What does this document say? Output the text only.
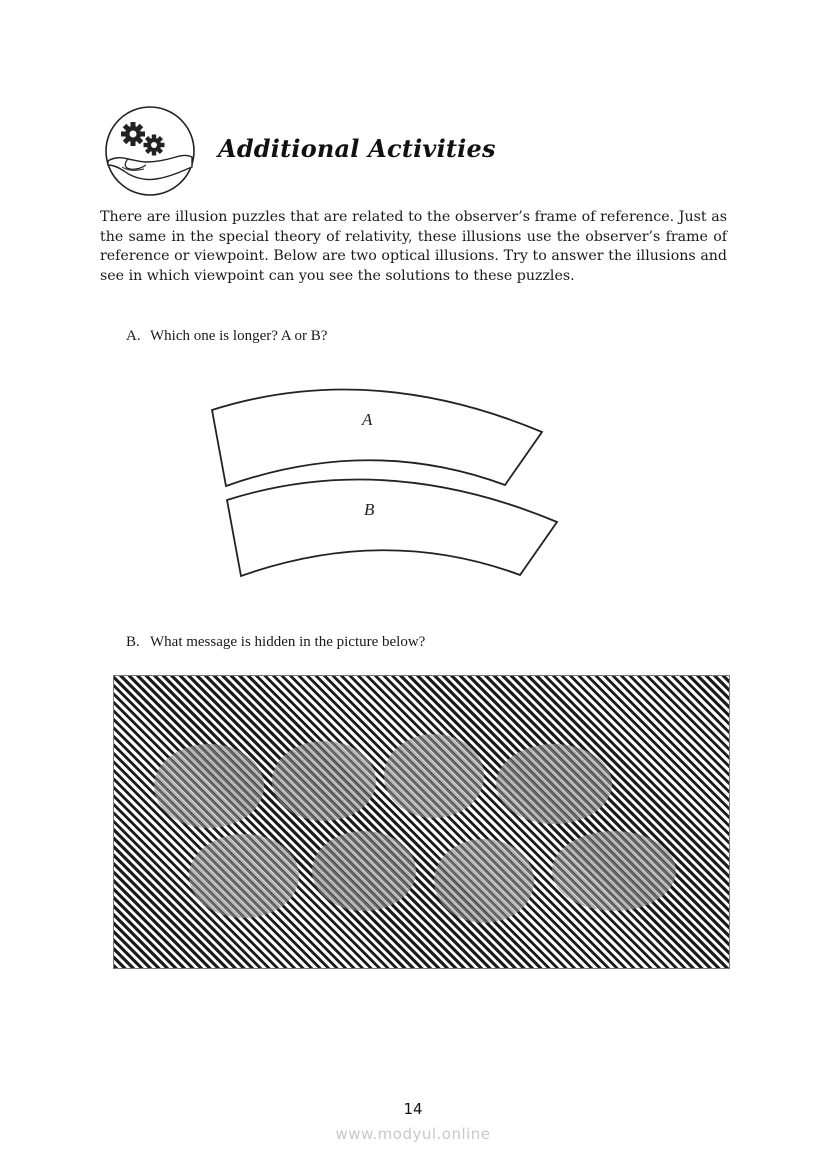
Additional Activities

There are illusion puzzles that are related to the observer’s frame of reference. Just as the same in the special theory of relativity, these illusions use the observer’s frame of reference or viewpoint. Below are two optical illusions. Try to answer the illusions and see in which viewpoint can you see the solutions to these puzzles.

A. Which one is longer? A or B?
A
B
B. What message is hidden in the picture below?
14
www.modyul.online
